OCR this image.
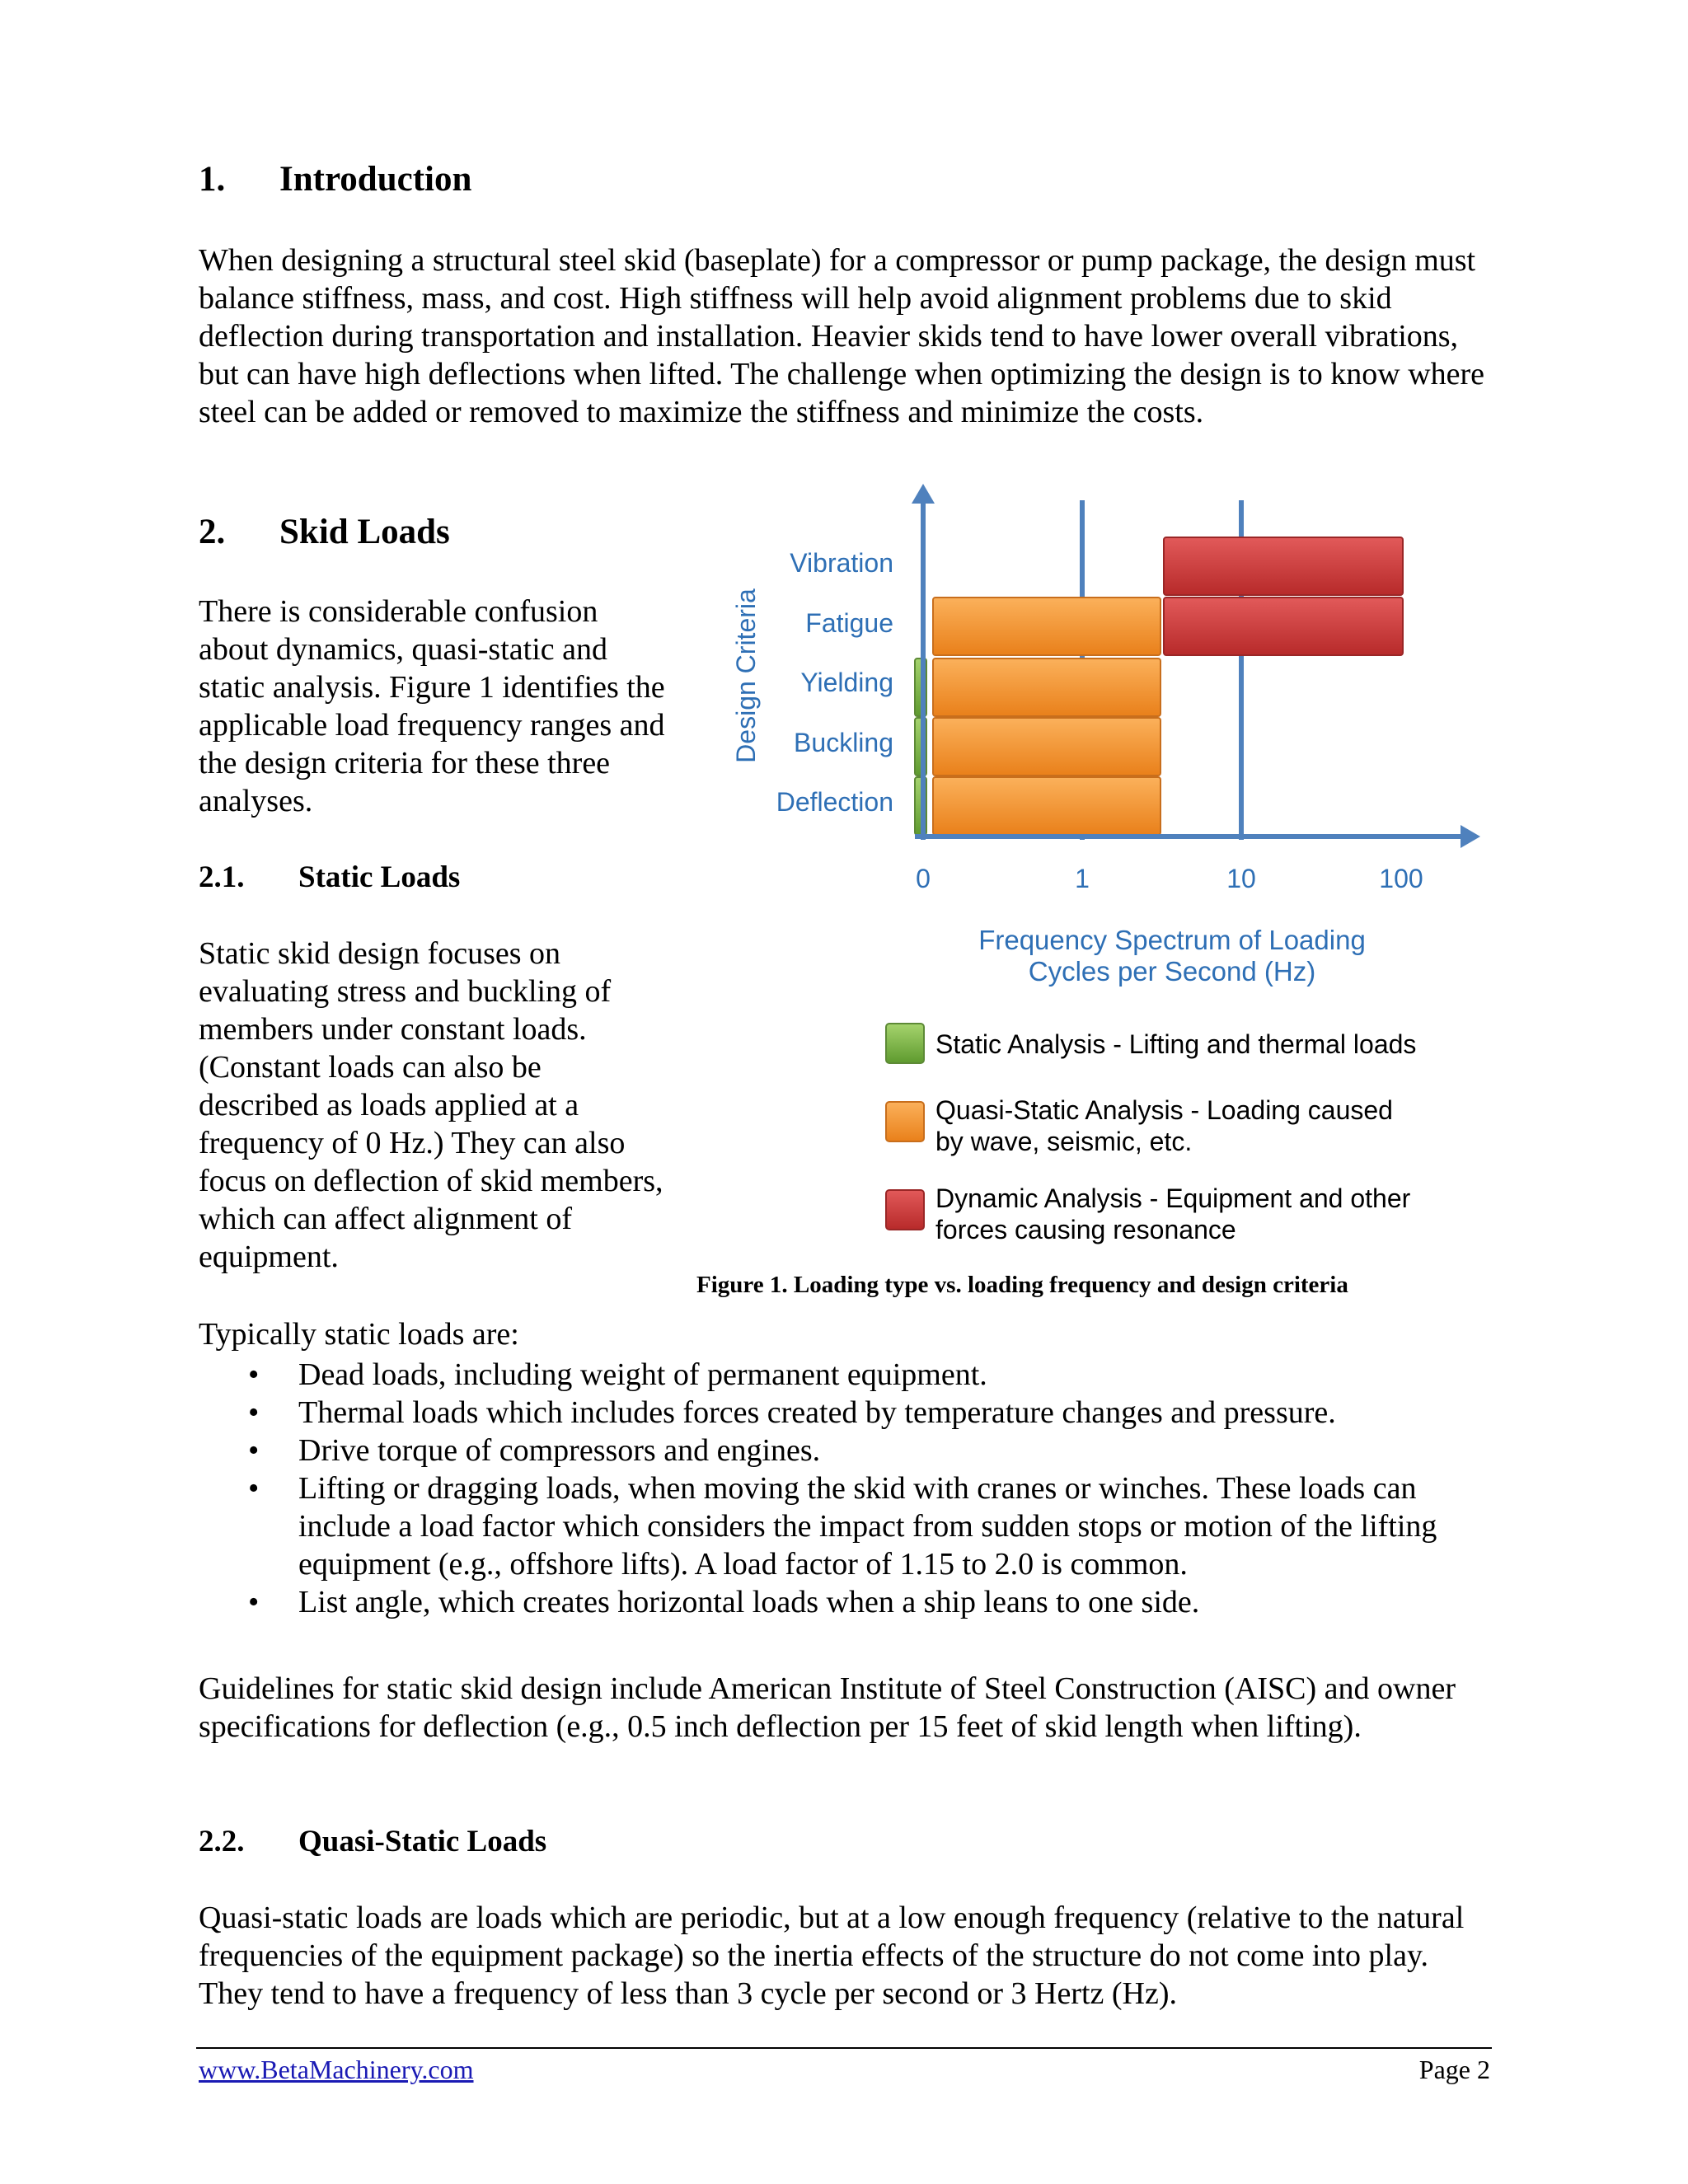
1. Introduction

When designing a structural steel skid (baseplate) for a compressor or pump package, the design must balance stiffness, mass, and cost. High stiffness will help avoid alignment problems due to skid deflection during transportation and installation. Heavier skids tend to have lower overall vibrations, but can have high deflections when lifted. The challenge when optimizing the design is to know where steel can be added or removed to maximize the stiffness and minimize the costs.

2. Skid Loads

There is considerable confusion about dynamics, quasi-static and static analysis. Figure 1 identifies the applicable load frequency ranges and the design criteria for these three analyses.

2.1. Static Loads

Static skid design focuses on evaluating stress and buckling of members under constant loads. (Constant loads can also be described as loads applied at a frequency of 0 Hz.) They can also focus on deflection of skid members, which can affect alignment of equipment.

Design Criteria
Vibration
Fatigue
Yielding
Buckling
Deflection
0	1	10	100
Frequency Spectrum of Loading
Cycles per Second (Hz)
Static Analysis - Lifting and thermal loads
Quasi-Static Analysis - Loading caused
by wave, seismic, etc.
Dynamic Analysis - Equipment and other
forces causing resonance
Figure 1. Loading type vs. loading frequency and design criteria

Typically static loads are:

• Dead loads, including weight of permanent equipment.
• Thermal loads which includes forces created by temperature changes and pressure.
• Drive torque of compressors and engines.
• Lifting or dragging loads, when moving the skid with cranes or winches. These loads can include a load factor which considers the impact from sudden stops or motion of the lifting equipment (e.g., offshore lifts). A load factor of 1.15 to 2.0 is common.
• List angle, which creates horizontal loads when a ship leans to one side.

Guidelines for static skid design include American Institute of Steel Construction (AISC) and owner specifications for deflection (e.g., 0.5 inch deflection per 15 feet of skid length when lifting).

2.2. Quasi-Static Loads

Quasi-static loads are loads which are periodic, but at a low enough frequency (relative to the natural frequencies of the equipment package) so the inertia effects of the structure do not come into play. They tend to have a frequency of less than 3 cycle per second or 3 Hertz (Hz).

www.BetaMachinery.com	Page 2
